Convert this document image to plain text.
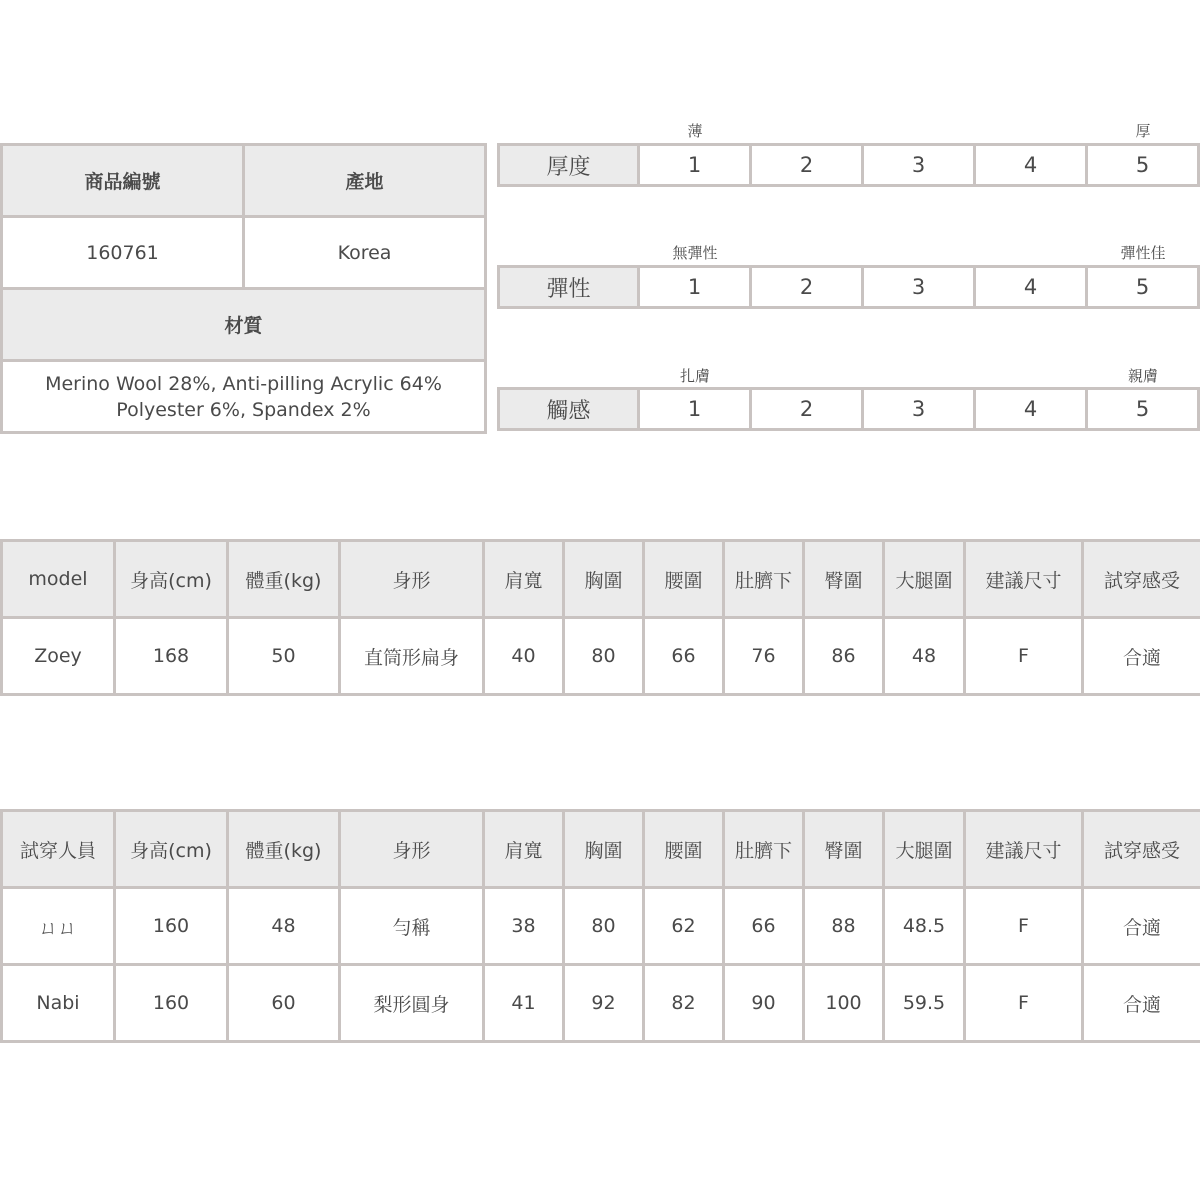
商品編號	產地
160761	Korea
材質	

Merino Wool 28%, Anti-pilling Acrylic 64%
Polyester 6%, Spandex 2%	
薄	厚
無彈性	彈性佳
扎膚	親膚
厚度	1	2	3	4	5
彈性	1	2	3	4	5
觸感	1	2	3	4	5
model	身高(cm)	體重(kg)	身形	肩寬	胸圍	腰圍	肚臍下	臀圍	大腿圍	建議尺寸	試穿感受
Zoey	168	50	直筒形扁身	40	80	66	76	86	48	F	合適
試穿人員	身高(cm)	體重(kg)	身形	肩寬	胸圍	腰圍	肚臍下	臀圍	大腿圍	建議尺寸	試穿感受
ㄩㄩ	160	48	勻稱	38	80	62	66	88	48.5	F	合適
Nabi	160	60	梨形圓身	41	92	82	90	100	59.5	F	合適
